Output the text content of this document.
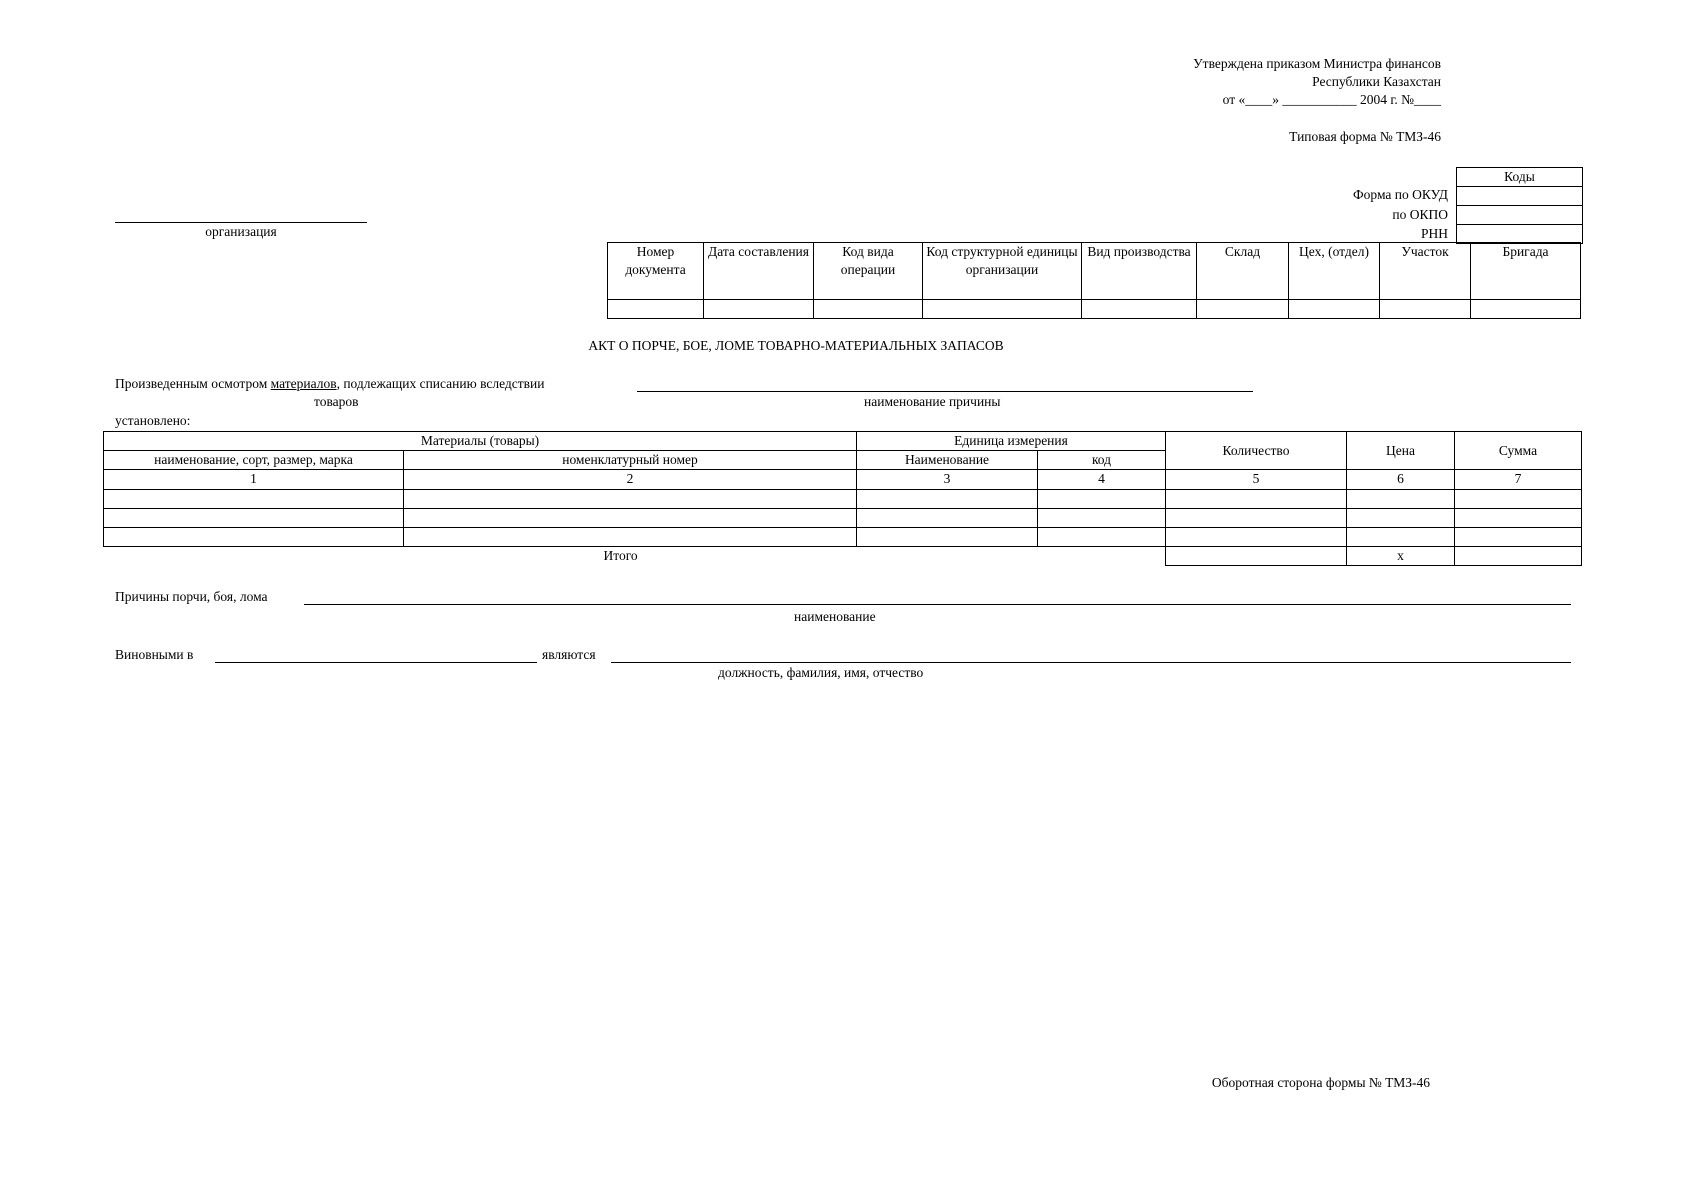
Утверждена приказом Министра финансов
Республики Казахстан
от «____» ___________ 2004 г. №____
Типовая форма № ТМЗ-46
Коды

Форма по ОКУД
по ОКПО
РНН
организация
Номер документа	Дата составления	Код вида операции	Код структурной единицы организации	Вид производства	Склад	Цех, (отдел)	Участок	Бригада

АКТ О ПОРЧЕ, БОЕ, ЛОМЕ ТОВАРНО-МАТЕРИАЛЬНЫХ ЗАПАСОВ
Произведенным осмотром материалов, подлежащих списанию вследствии
товаров	наименование причины
установлено:
Материалы (товары)		Единица измерения		Количество	Цена	Сумма
наименование, сорт, размер, марка	номенклатурный номер	Наименование	код			
1	2	3	4	5	6	7

Итого					x	
Причины порчи, боя, лома
наименование
Виновными в	являются
должность, фамилия, имя, отчество
Оборотная сторона формы № ТМЗ-46
